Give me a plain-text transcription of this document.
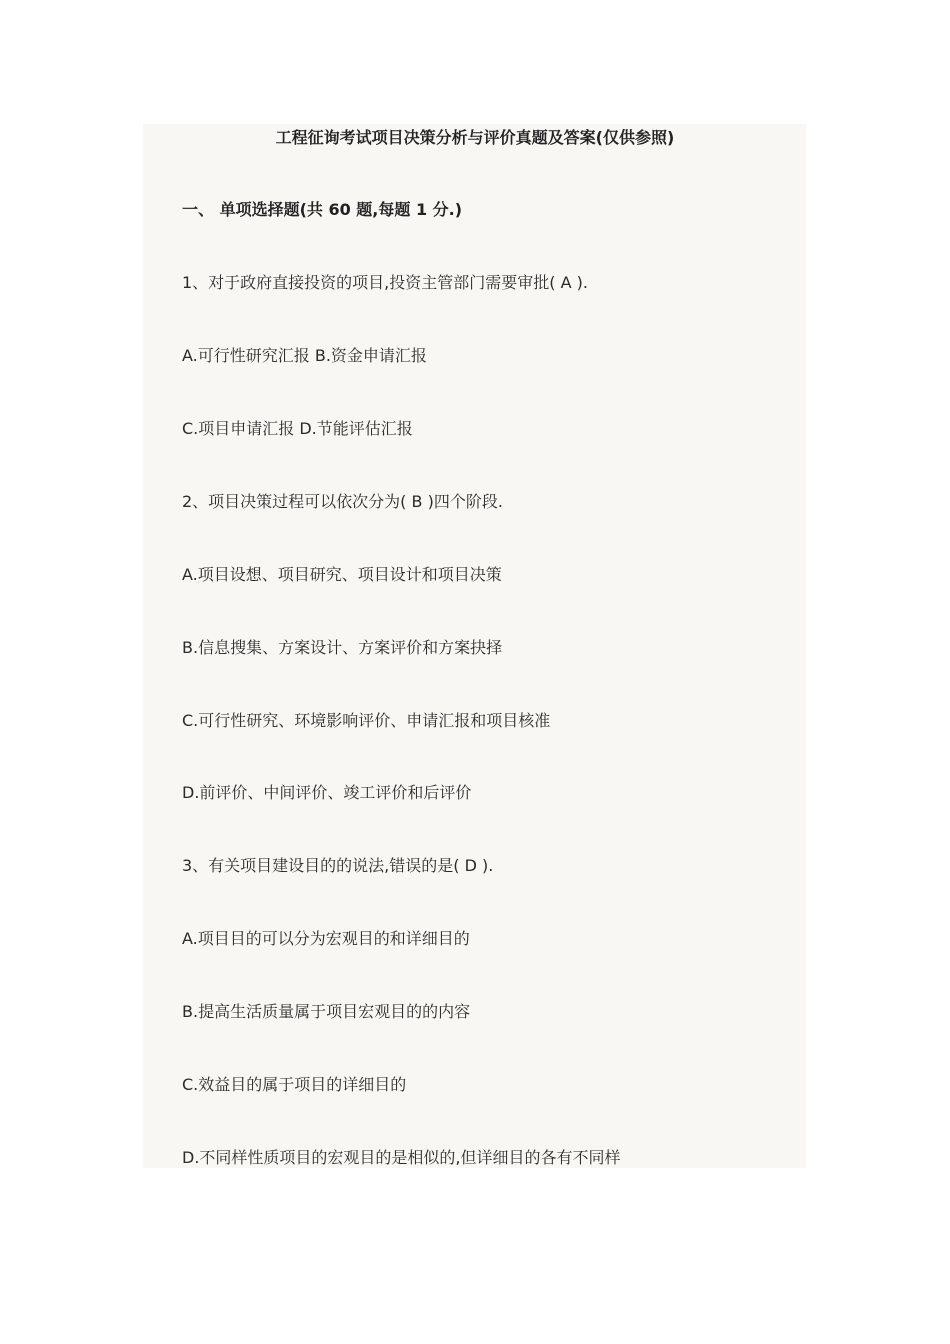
工程征询考试项目决策分析与评价真题及答案(仅供参照)
一、 单项选择题(共 60 题,每题 1 分.)
1、对于政府直接投资的项目,投资主管部门需要审批( A ).
A.可行性研究汇报 B.资金申请汇报
C.项目申请汇报 D.节能评估汇报
2、项目决策过程可以依次分为( B )四个阶段.
A.项目设想、项目研究、项目设计和项目决策
B.信息搜集、方案设计、方案评价和方案抉择
C.可行性研究、环境影响评价、申请汇报和项目核准
D.前评价、中间评价、竣工评价和后评价
3、有关项目建设目的的说法,错误的是( D ).
A.项目目的可以分为宏观目的和详细目的
B.提高生活质量属于项目宏观目的的内容
C.效益目的属于项目的详细目的
D.不同样性质项目的宏观目的是相似的,但详细目的各有不同样
